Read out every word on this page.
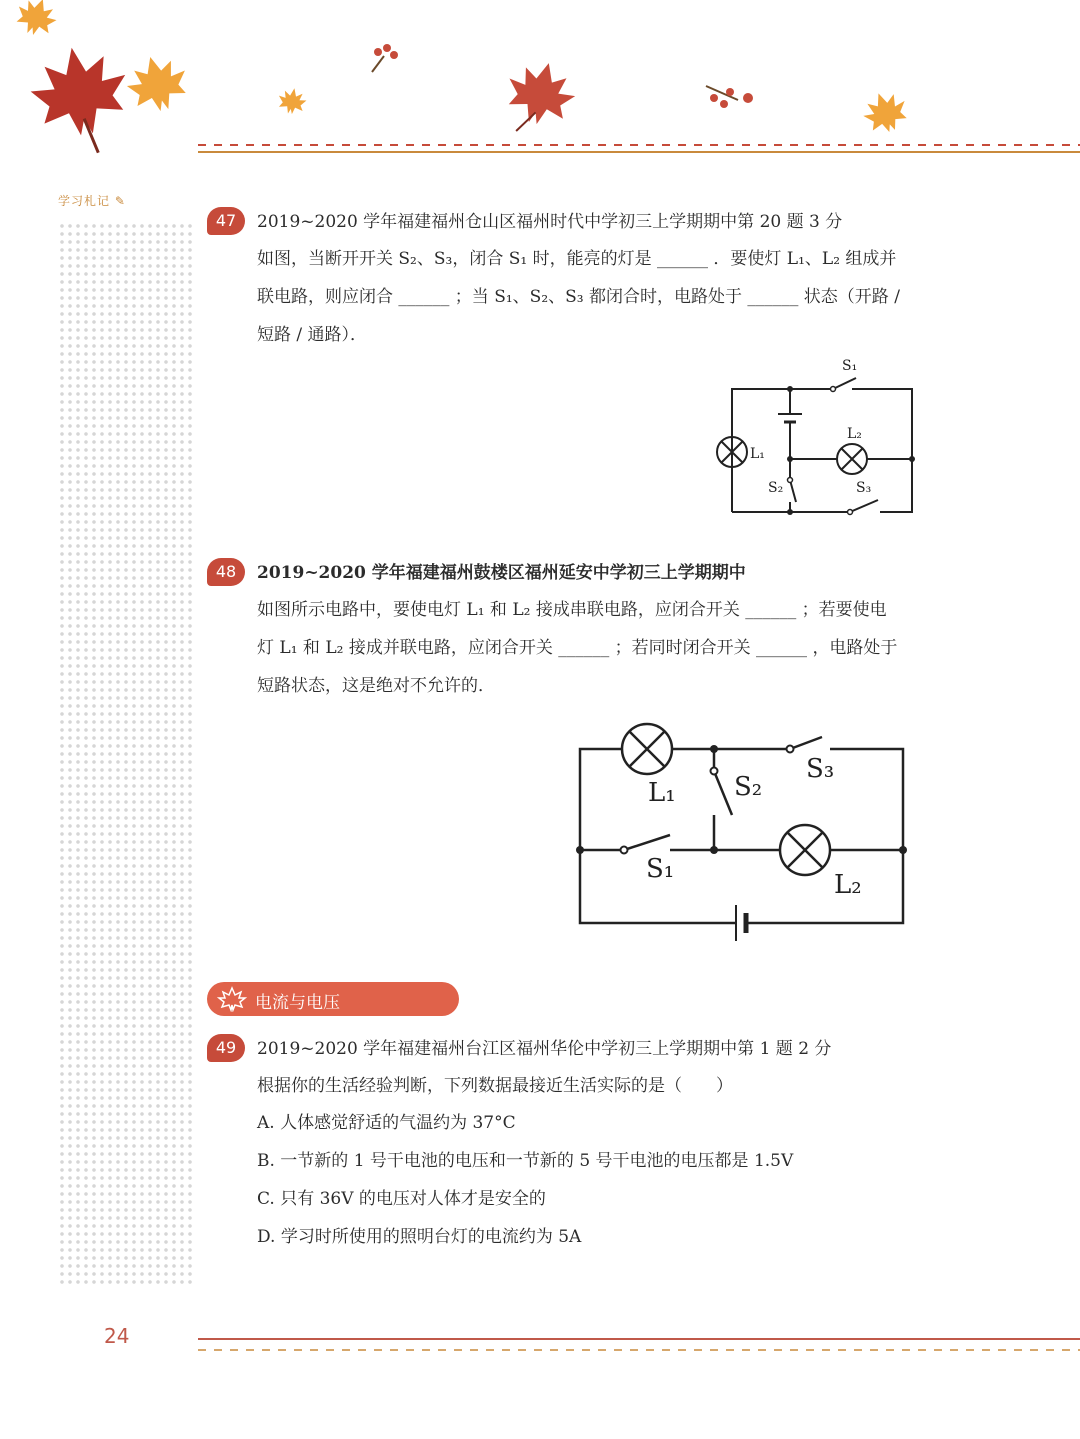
学习札记 ✎
47	2019~2020 学年福建福州仓山区福州时代中学初三上学期期中第 20 题 3 分
如图，当断开开关 S₂、S₃，闭合 S₁ 时，能亮的灯是 ______ ．要使灯 L₁、L₂ 组成并
联电路，则应闭合 ______ ；当 S₁、S₂、S₃ 都闭合时，电路处于 ______ 状态（开路 /
短路 / 通路）．
S₁
L₁
L₂
S₂	S₃
48	2019~2020 学年福建福州鼓楼区福州延安中学初三上学期期中
如图所示电路中，要使电灯 L₁ 和 L₂ 接成串联电路，应闭合开关 ______ ；若要使电
灯 L₁ 和 L₂ 接成并联电路，应闭合开关 ______ ；若同时闭合开关 ______ ，电路处于
短路状态，这是绝对不允许的．
L₁ S₂
S₃
S₁
L₂
电流与电压
49	2019~2020 学年福建福州台江区福州华伦中学初三上学期期中第 1 题 2 分
根据你的生活经验判断，下列数据最接近生活实际的是（　　）
A. 人体感觉舒适的气温约为 37°C
B. 一节新的 1 号干电池的电压和一节新的 5 号干电池的电压都是 1.5V
C. 只有 36V 的电压对人体才是安全的
D. 学习时所使用的照明台灯的电流约为 5A
24
